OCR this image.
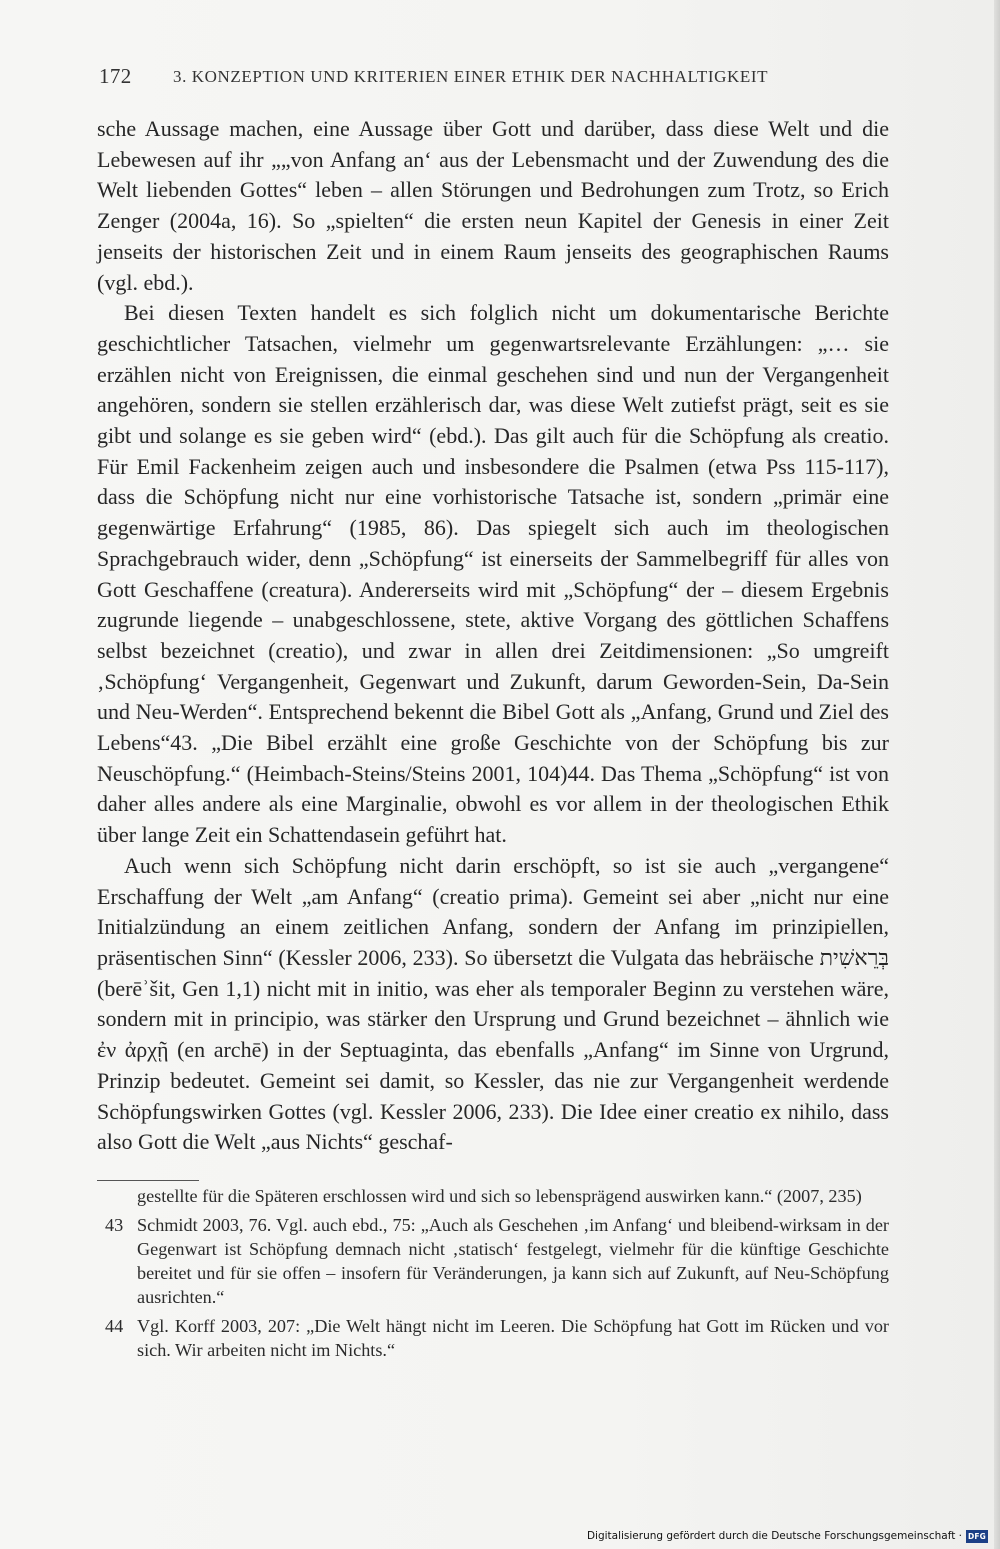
172 3. KONZEPTION UND KRITERIEN EINER ETHIK DER NACHHALTIGKEIT

sche Aussage machen, eine Aussage über Gott und darüber, dass diese Welt und die Lebewesen auf ihr „„von Anfang an‘ aus der Lebensmacht und der Zuwendung des die Welt liebenden Gottes“ leben – allen Störungen und Bedrohungen zum Trotz, so Erich Zenger (2004a, 16). So „spielten“ die ersten neun Kapitel der Genesis in einer Zeit jenseits der historischen Zeit und in einem Raum jenseits des geographischen Raums (vgl. ebd.).

Bei diesen Texten handelt es sich folglich nicht um dokumentarische Berichte geschichtlicher Tatsachen, vielmehr um gegenwartsrelevante Erzählungen: „… sie erzählen nicht von Ereignissen, die einmal geschehen sind und nun der Vergangenheit angehören, sondern sie stellen erzählerisch dar, was diese Welt zutiefst prägt, seit es sie gibt und solange es sie geben wird“ (ebd.). Das gilt auch für die Schöpfung als creatio. Für Emil Fackenheim zeigen auch und insbesondere die Psalmen (etwa Pss 115-117), dass die Schöpfung nicht nur eine vorhistorische Tatsache ist, sondern „primär eine gegenwärtige Erfahrung“ (1985, 86). Das spiegelt sich auch im theologischen Sprachgebrauch wider, denn „Schöpfung“ ist einerseits der Sammelbegriff für alles von Gott Geschaffene (creatura). Andererseits wird mit „Schöpfung“ der – diesem Ergebnis zugrunde liegende – unabgeschlossene, stete, aktive Vorgang des göttlichen Schaffens selbst bezeichnet (creatio), und zwar in allen drei Zeitdimensionen: „So umgreift ‚Schöpfung‘ Vergangenheit, Gegenwart und Zukunft, darum Geworden-Sein, Da-Sein und Neu-Werden“. Entsprechend bekennt die Bibel Gott als „Anfang, Grund und Ziel des Lebens“43. „Die Bibel erzählt eine große Geschichte von der Schöpfung bis zur Neuschöpfung.“ (Heimbach-Steins/Steins 2001, 104)44. Das Thema „Schöpfung“ ist von daher alles andere als eine Marginalie, obwohl es vor allem in der theologischen Ethik über lange Zeit ein Schattendasein geführt hat.

Auch wenn sich Schöpfung nicht darin erschöpft, so ist sie auch „vergangene“ Erschaffung der Welt „am Anfang“ (creatio prima). Gemeint sei aber „nicht nur eine Initialzündung an einem zeitlichen Anfang, sondern der Anfang im prinzipiellen, präsentischen Sinn“ (Kessler 2006, 233). So übersetzt die Vulgata das hebräische בְּרֵאשִׁית (berēʾšit, Gen 1,1) nicht mit in initio, was eher als temporaler Beginn zu verstehen wäre, sondern mit in principio, was stärker den Ursprung und Grund bezeichnet – ähnlich wie ἐν ἀρχῇ (en archē) in der Septuaginta, das ebenfalls „Anfang“ im Sinne von Urgrund, Prinzip bedeutet. Gemeint sei damit, so Kessler, das nie zur Vergangenheit werdende Schöpfungswirken Gottes (vgl. Kessler 2006, 233). Die Idee einer creatio ex nihilo, dass also Gott die Welt „aus Nichts“ geschaf-

gestellte für die Späteren erschlossen wird und sich so lebensprägend auswirken kann.“ (2007, 235)
43 Schmidt 2003, 76. Vgl. auch ebd., 75: „Auch als Geschehen ‚im Anfang‘ und bleibend-wirksam in der Gegenwart ist Schöpfung demnach nicht ‚statisch‘ festgelegt, vielmehr für die künftige Geschichte bereitet und für sie offen – insofern für Veränderungen, ja kann sich auf Zukunft, auf Neu-Schöpfung ausrichten.“
44 Vgl. Korff 2003, 207: „Die Welt hängt nicht im Leeren. Die Schöpfung hat Gott im Rücken und vor sich. Wir arbeiten nicht im Nichts.“
Digitalisierung gefördert durch die Deutsche Forschungsgemeinschaft · DFG
